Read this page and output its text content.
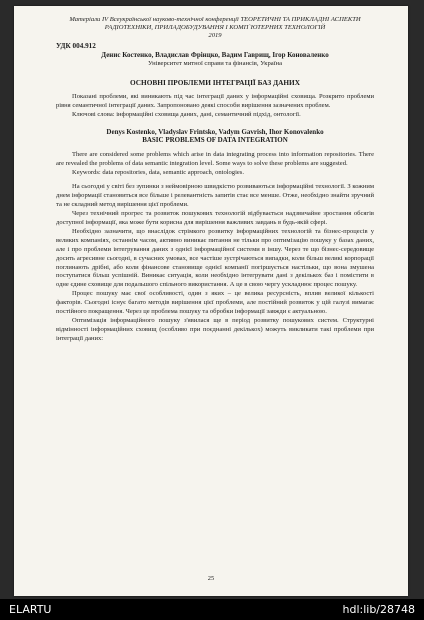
Матеріали IV Всеукраїнської науково-технічної конференції ТЕОРЕТИЧНІ ТА ПРИКЛАДНІ АСПЕКТИ РАДІОТЕХНІКИ, ПРИЛАДОБУДУВАННЯ І КОМП`ЮТЕРНИХ ТЕХНОЛОГІЙ
2019

УДК 004.912

Денис Костенко, Владислав Фрінцко, Вадим Гаврищ, Ігор Коноваленко

Університет митної справи та фінансів, Україна

ОСНОВНІ ПРОБЛЕМИ ІНТЕГРАЦІЇ БАЗ ДАНИХ

Показані проблеми, які виникають під час інтеграції даних у інформаційні сховища. Розкрито проблеми рівня семантичної інтеграції даних. Запропоновано деякі способи вирішення зазначених проблем.

Ключові слова: інформаційні сховища даних, дані, семантичний підхід, онтології.

Denys Kostenko, Vladyslav Frintsko, Vadym Gavrish, Ihor Konovalenko

BASIC PROBLEMS OF DATA INTEGRATION

There are considered some problems which arise in data integrating process into information repositories. There are revealed the problems of data semantic integration level. Some ways to solve these problems are suggested.

Keywords: data repositories, data, semantic approach, ontologies.

На сьогодні у світі без зупинки з неймовірною швидкістю розвиваються інформаційні технології. З кожним днем інформації становиться все більше і релевантність запитів стає все менше. Отже, необхідно знайти зручний та не складний метод вирішення цієї проблеми.

Через технічний прогрес та розвиток пошукових технологій відбувається надзвичайне зростання обсягів доступної інформації, яка може бути корисна для вирішення важливих завдань в будь-якій сфері.

Необхідно зазначити, що внаслідок стрімкого розвитку інформаційних технологій та бізнес-процесів у великих компаніях, останнім часом, активно виникає питання не тільки про оптимізацію пошуку у базах даних, але і про проблеми інтегрування даних з однієї інформаційної системи в іншу. Через те що бізнес-середовище досить агресивне сьогодні, в сучасних умовах, все частіше зустрічаються випадки, коли більш великі корпорації поглинають дрібні, або коли фінансове становище однієї компанії погіршується настільки, що вона змушена поступатися більш успішній. Виникає ситуація, коли необхідно інтегрувати дані з декількох баз і помістити в одне єдине сховище для подальшого спільного використання. А це в свою чергу ускладнює процес пошуку.

Процес пошуку має свої особливості, один з яких – це велика ресурсність, вплив великої кількості факторів. Сьогодні існує багато методів вирішення цієї проблеми, але постійний розвиток у цій галузі вимагає постійного покращення. Через це проблема пошуку та обробки інформації завжди є актуальною.

Оптимізація інформаційного пошуку з'явилася ще в період розвитку пошукових систем. Структурні відмінності інформаційних сховищ (особливо при поєднанні декількох) можуть викликати такі проблеми при інтеграції даних:

25
ELARTU	hdl:lib/28748
